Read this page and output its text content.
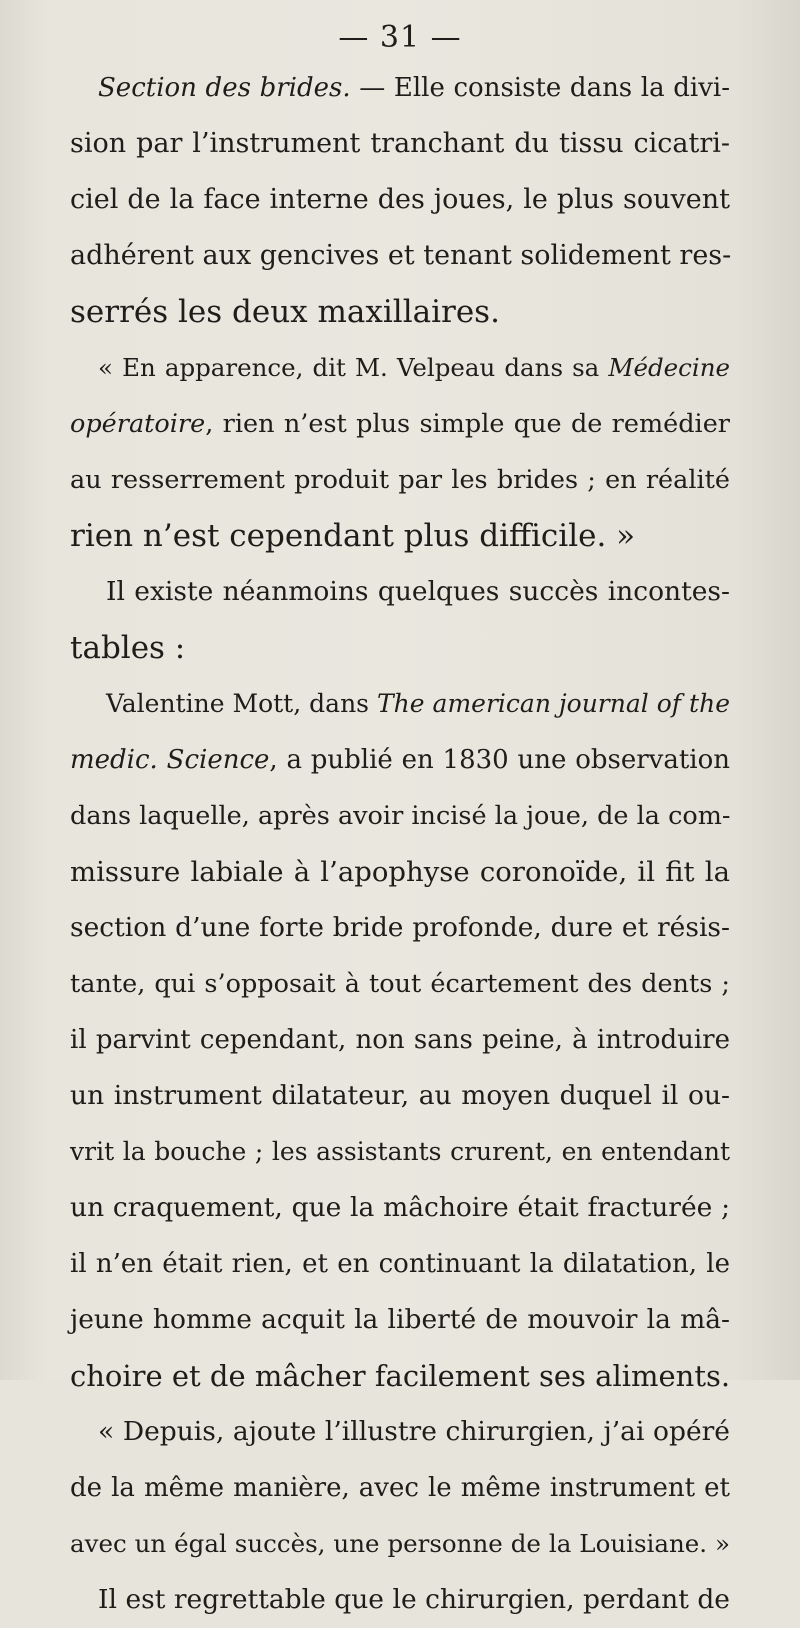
— 31 —
Section des brides. — Elle consiste dans la divi-
sion par l’instrument tranchant du tissu cicatri-
ciel de la face interne des joues, le plus souvent
adhérent aux gencives et tenant solidement res-
serrés les deux maxillaires.
« En apparence, dit M. Velpeau dans sa Médecine
opératoire, rien n’est plus simple que de remédier
au resserrement produit par les brides ; en réalité
rien n’est cependant plus difficile. »
Il existe néanmoins quelques succès incontes-
tables :
Valentine Mott, dans The american journal of the
medic. Science, a publié en 1830 une observation
dans laquelle, après avoir incisé la joue, de la com-
missure labiale à l’apophyse coronoïde, il fit la
section d’une forte bride profonde, dure et résis-
tante, qui s’opposait à tout écartement des dents ;
il parvint cependant, non sans peine, à introduire
un instrument dilatateur, au moyen duquel il ou-
vrit la bouche ; les assistants crurent, en entendant
un craquement, que la mâchoire était fracturée ;
il n’en était rien, et en continuant la dilatation, le
jeune homme acquit la liberté de mouvoir la mâ-
choire et de mâcher facilement ses aliments.
« Depuis, ajoute l’illustre chirurgien, j’ai opéré
de la même manière, avec le même instrument et
avec un égal succès, une personne de la Louisiane. »
Il est regrettable que le chirurgien, perdant de
